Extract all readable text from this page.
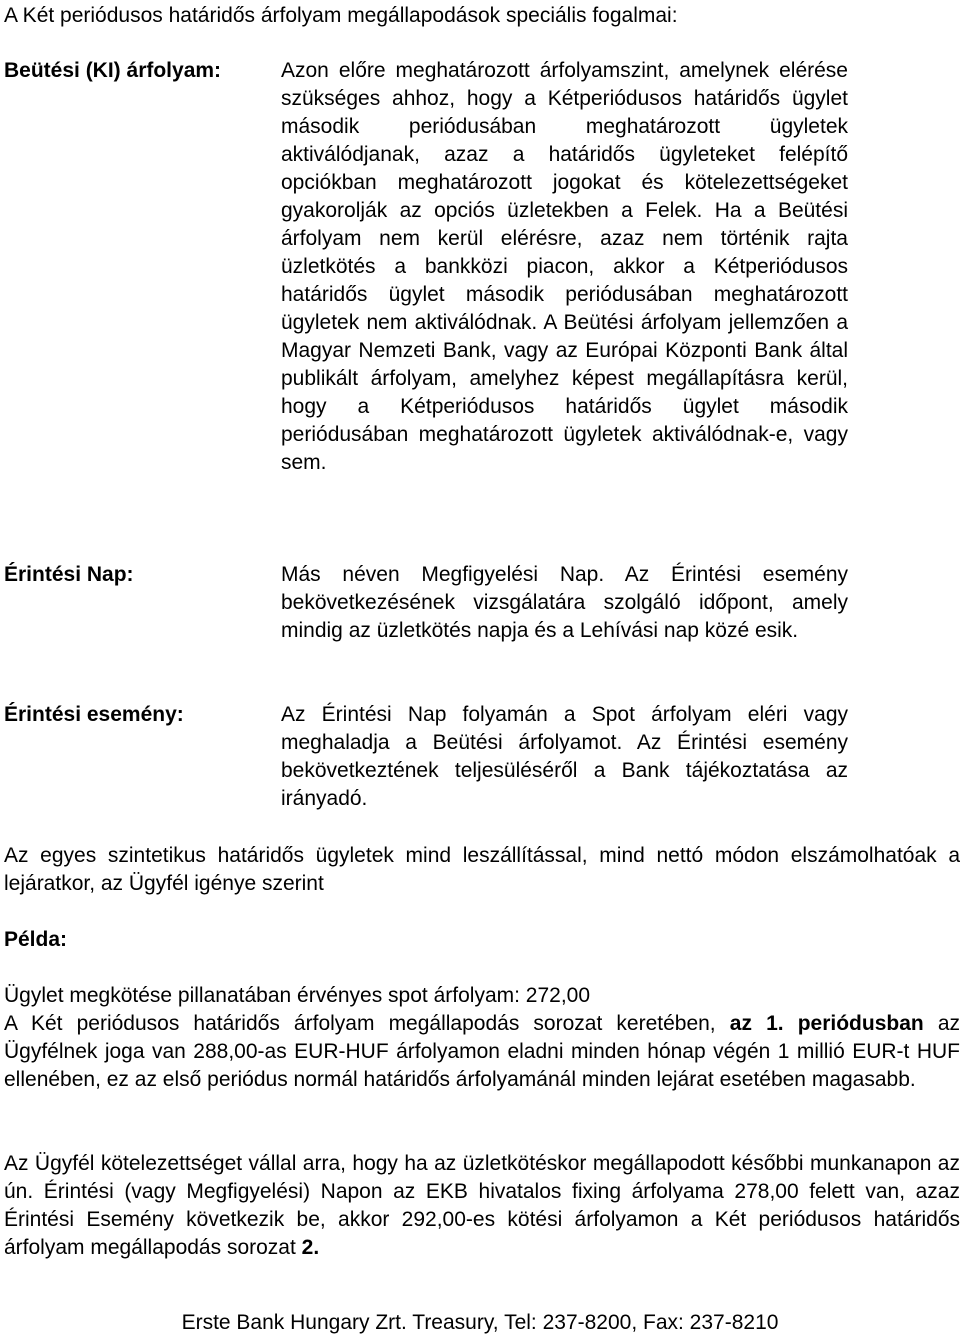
A Két periódusos határidős árfolyam megállapodások speciális fogalmai:
Beütési (KI) árfolyam:	Azon előre meghatározott árfolyamszint, amelynek elérése szükséges ahhoz, hogy a Kétperiódusos határidős ügylet második periódusában meghatározott ügyletek aktiválódjanak, azaz a határidős ügyleteket felépítő opciókban meghatározott jogokat és kötelezettségeket gyakorolják az opciós üzletekben a Felek. Ha a Beütési árfolyam nem kerül elérésre, azaz nem történik rajta üzletkötés a bankközi piacon, akkor a Kétperiódusos határidős ügylet második periódusában meghatározott ügyletek nem aktiválódnak. A Beütési árfolyam jellemzően a Magyar Nemzeti Bank, vagy az Európai Központi Bank által publikált árfolyam, amelyhez képest megállapításra kerül, hogy a Kétperiódusos határidős ügylet második periódusában meghatározott ügyletek aktiválódnak-e, vagy sem.
Érintési Nap:	Más néven Megfigyelési Nap. Az Érintési esemény bekövetkezésének vizsgálatára szolgáló időpont, amely mindig az üzletkötés napja és a Lehívási nap közé esik.
Érintési esemény:	Az Érintési Nap folyamán a Spot árfolyam eléri vagy meghaladja a Beütési árfolyamot. Az Érintési esemény bekövetkeztének teljesüléséről a Bank tájékoztatása az irányadó.
Az egyes szintetikus határidős ügyletek mind leszállítással, mind nettó módon elszámolhatóak a lejáratkor, az Ügyfél igénye szerint
Példa:
Ügylet megkötése pillanatában érvényes spot árfolyam: 272,00
A Két periódusos határidős árfolyam megállapodás sorozat keretében, az 1. periódusban az Ügyfélnek joga van 288,00-as EUR-HUF árfolyamon eladni minden hónap végén 1 millió EUR-t HUF ellenében, ez az első periódus normál határidős árfolyamánál minden lejárat esetében magasabb.
Az Ügyfél kötelezettséget vállal arra, hogy ha az üzletkötéskor megállapodott későbbi munkanapon az ún. Érintési (vagy Megfigyelési) Napon az EKB hivatalos fixing árfolyama 278,00 felett van, azaz Érintési Esemény következik be, akkor 292,00-es kötési árfolyamon a Két periódusos határidős árfolyam megállapodás sorozat 2.
Erste Bank Hungary Zrt. Treasury, Tel: 237-8200, Fax: 237-8210
